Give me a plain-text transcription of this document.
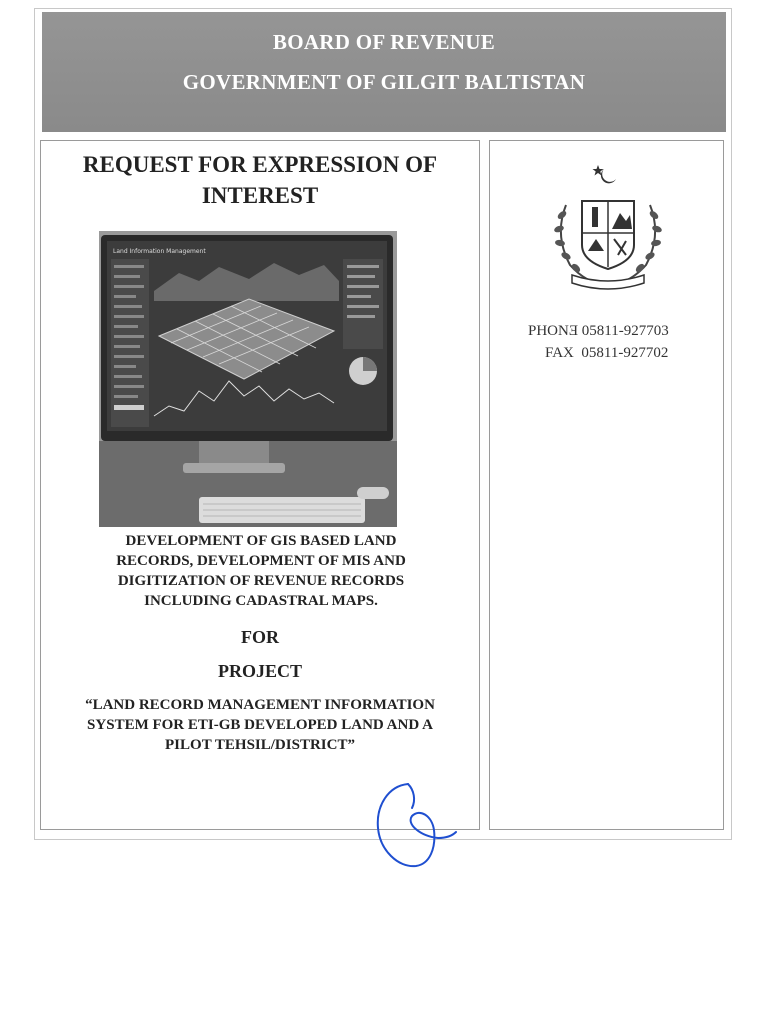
BOARD OF REVENUE
GOVERNMENT OF GILGIT BALTISTAN
REQUEST FOR EXPRESSION OF
INTEREST
Land Information Management
DEVELOPMENT OF GIS BASED LAND
RECORDS, DEVELOPMENT OF MIS AND
DIGITIZATION OF REVENUE RECORDS
INCLUDING CADASTRAL MAPS.
FOR
PROJECT
“LAND RECORD MANAGEMENT INFORMATION
SYSTEM FOR ETI-GB DEVELOPED LAND AND A
PILOT TEHSIL/DISTRICT”
PHONƎ 05811-927703
FAX 05811-927702
